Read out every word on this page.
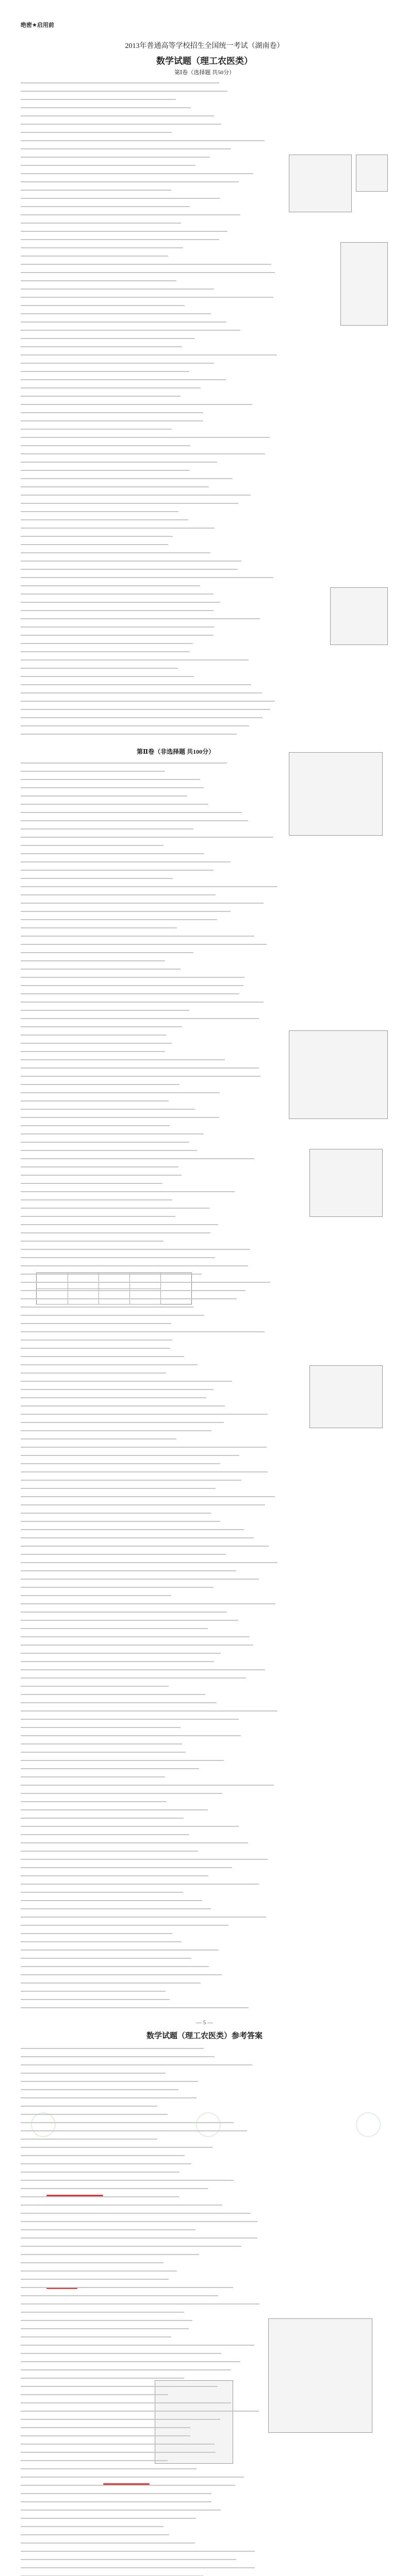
绝密★启用前
2013年普通高等学校招生全国统一考试（湖南卷）
数学试题（理工农医类）
第Ⅰ卷（选择题 共50分）
第Ⅱ卷（非选择题 共100分）
数学试题（理工农医类）参考答案
— 5 —
